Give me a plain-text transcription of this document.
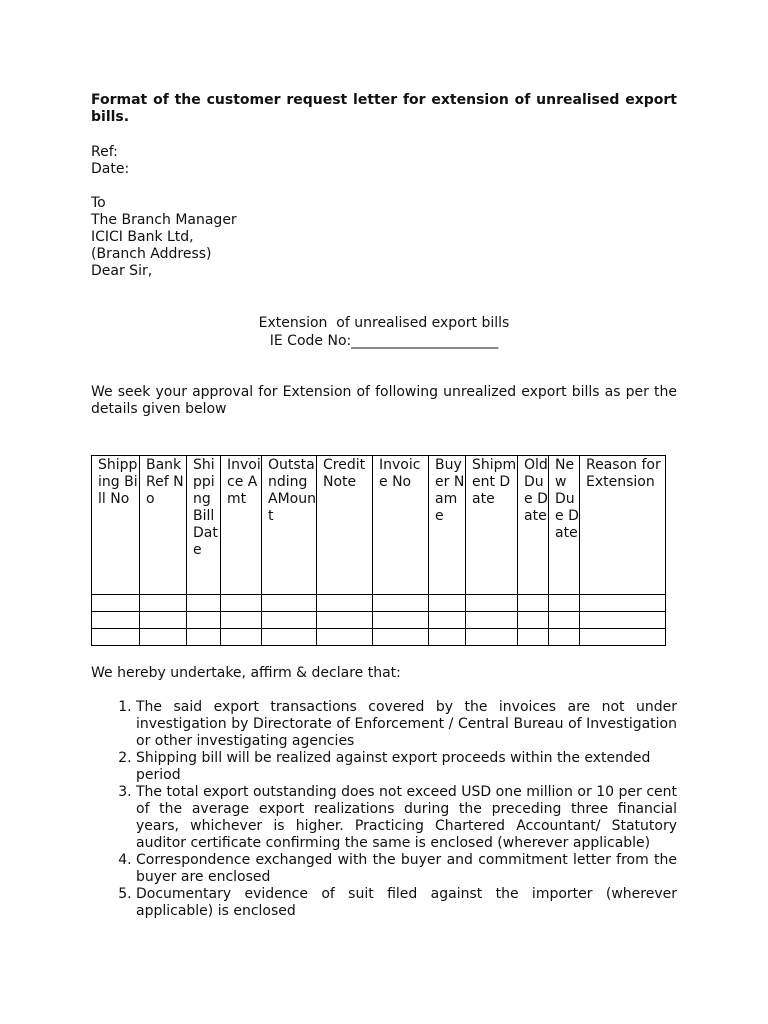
Format of the customer request letter for extension of unrealised export bills.
Ref:
Date:
To
The Branch Manager
ICICI Bank Ltd,
(Branch Address)
Dear Sir,
Extension  of unrealised export bills
IE Code No:_____________________
We seek your approval for Extension of following unrealized export bills as per the details given below
Shipping Bill No	Bank Ref No	Shipping Bill Date	Invoice Amt	OutstandingAMount	Credit Note	Invoice No	Buyer Name	Shipment Date	Old Due Date	New Due Date	Reason for Extension

We hereby undertake, affirm & declare that:
1. The said export transactions covered by the invoices are not under investigation by Directorate of Enforcement / Central Bureau of Investigation or other investigating agencies
2. Shipping bill will be realized against export proceeds within the extended period
3. The total export outstanding does not exceed USD one million or 10 per cent of the average export realizations during the preceding three financial years, whichever is higher. Practicing Chartered Accountant/ Statutory auditor certificate confirming the same is enclosed (wherever applicable)
4. Correspondence exchanged with the buyer and commitment letter from the buyer are enclosed
5. Documentary evidence of suit filed against the importer (wherever applicable) is enclosed
